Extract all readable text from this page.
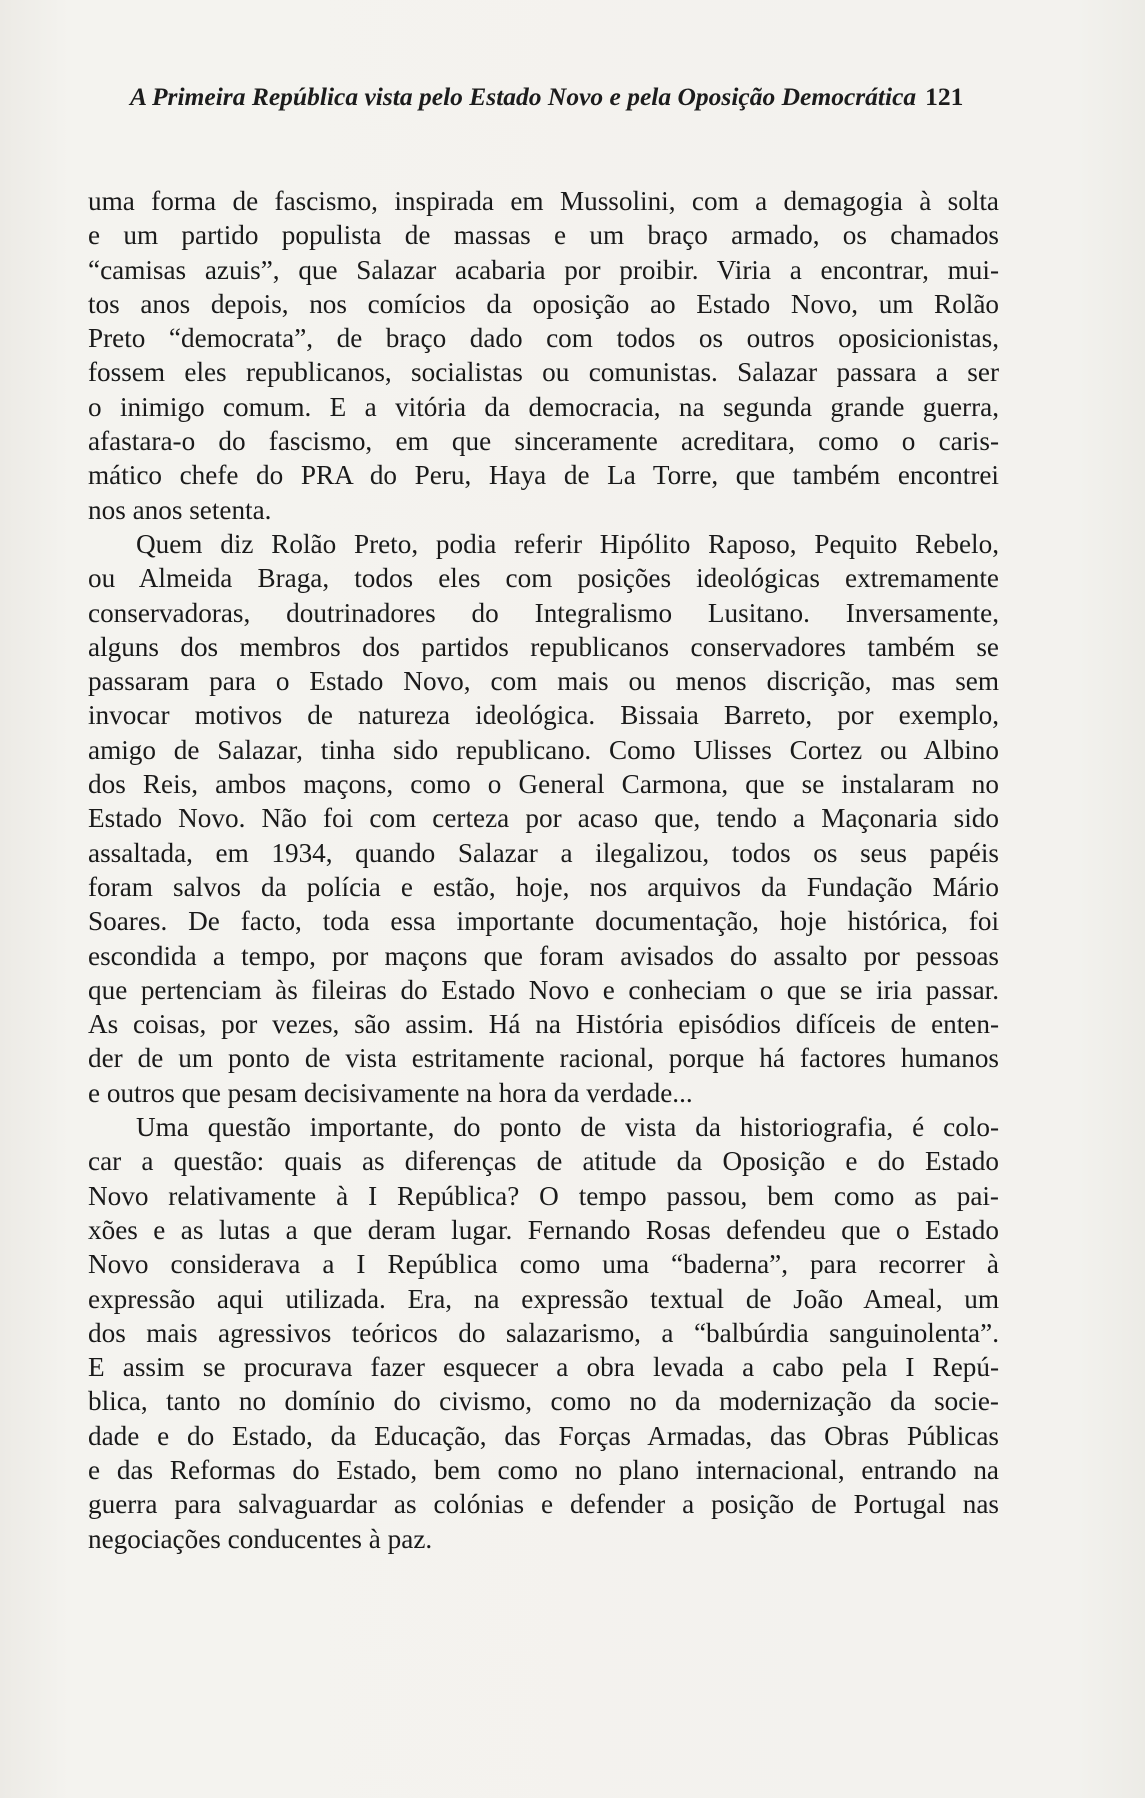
A Primeira República vista pelo Estado Novo e pela Oposição Democrática 121
uma forma de fascismo, inspirada em Mussolini, com a demagogia à solta
e um partido populista de massas e um braço armado, os chamados
“camisas azuis”, que Salazar acabaria por proibir. Viria a encontrar, mui-
tos anos depois, nos comícios da oposição ao Estado Novo, um Rolão
Preto “democrata”, de braço dado com todos os outros oposicionistas,
fossem eles republicanos, socialistas ou comunistas. Salazar passara a ser
o inimigo comum. E a vitória da democracia, na segunda grande guerra,
afastara-o do fascismo, em que sinceramente acreditara, como o caris-
mático chefe do PRA do Peru, Haya de La Torre, que também encontrei
nos anos setenta.
Quem diz Rolão Preto, podia referir Hipólito Raposo, Pequito Rebelo,
ou Almeida Braga, todos eles com posições ideológicas extremamente
conservadoras, doutrinadores do Integralismo Lusitano. Inversamente,
alguns dos membros dos partidos republicanos conservadores também se
passaram para o Estado Novo, com mais ou menos discrição, mas sem
invocar motivos de natureza ideológica. Bissaia Barreto, por exemplo,
amigo de Salazar, tinha sido republicano. Como Ulisses Cortez ou Albino
dos Reis, ambos maçons, como o General Carmona, que se instalaram no
Estado Novo. Não foi com certeza por acaso que, tendo a Maçonaria sido
assaltada, em 1934, quando Salazar a ilegalizou, todos os seus papéis
foram salvos da polícia e estão, hoje, nos arquivos da Fundação Mário
Soares. De facto, toda essa importante documentação, hoje histórica, foi
escondida a tempo, por maçons que foram avisados do assalto por pessoas
que pertenciam às fileiras do Estado Novo e conheciam o que se iria passar.
As coisas, por vezes, são assim. Há na História episódios difíceis de enten-
der de um ponto de vista estritamente racional, porque há factores humanos
e outros que pesam decisivamente na hora da verdade...
Uma questão importante, do ponto de vista da historiografia, é colo-
car a questão: quais as diferenças de atitude da Oposição e do Estado
Novo relativamente à I República? O tempo passou, bem como as pai-
xões e as lutas a que deram lugar. Fernando Rosas defendeu que o Estado
Novo considerava a I República como uma “baderna”, para recorrer à
expressão aqui utilizada. Era, na expressão textual de João Ameal, um
dos mais agressivos teóricos do salazarismo, a “balbúrdia sanguinolenta”.
E assim se procurava fazer esquecer a obra levada a cabo pela I Repú-
blica, tanto no domínio do civismo, como no da modernização da socie-
dade e do Estado, da Educação, das Forças Armadas, das Obras Públicas
e das Reformas do Estado, bem como no plano internacional, entrando na
guerra para salvaguardar as colónias e defender a posição de Portugal nas
negociações conducentes à paz.
